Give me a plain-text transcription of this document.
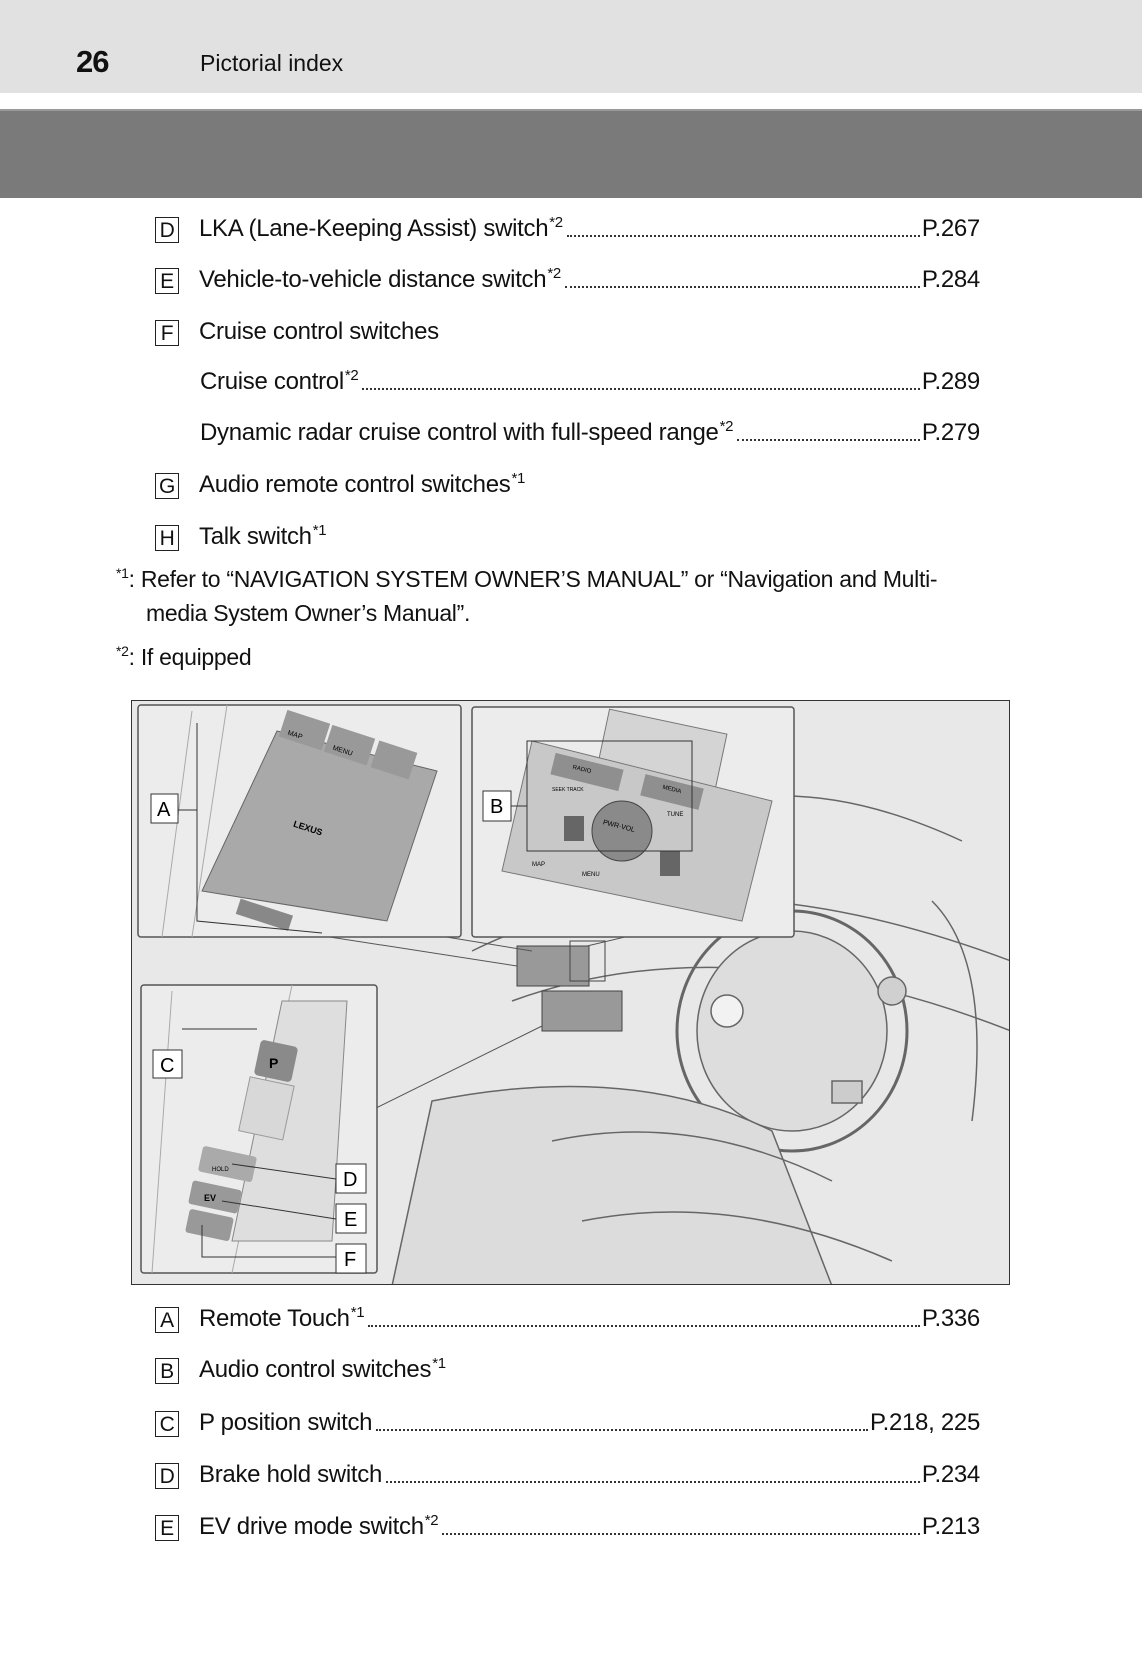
26	Pictorial index
D LKA (Lane-Keeping Assist) switch$^{*2}$	P.267
E Vehicle-to-vehicle distance switch$^{*2}$	P.284
F Cruise control switches
Cruise control$^{*2}$	P.289
Dynamic radar cruise control with full-speed range$^{*2}$	P.279
G Audio remote control switches$^{*1}$
H Talk switch$^{*1}$
$^{*1}$: Refer to “NAVIGATION SYSTEM OWNER’S MANUAL” or “Navigation and Multi-
media System Owner’s Manual”.
$^{*2}$: If equipped
MAP
MENU
LEXUS	PWR·VOL
RADIO
MEDIA
SEEK TRACK
TUNE
MAP
MENU
P
HOLD
EV
A	B
C
D
E
F
A Remote Touch$^{*1}$	P.336
B Audio control switches$^{*1}$
C P position switch	P.218, 225
D Brake hold switch	P.234
E EV drive mode switch$^{*2}$	P.213
